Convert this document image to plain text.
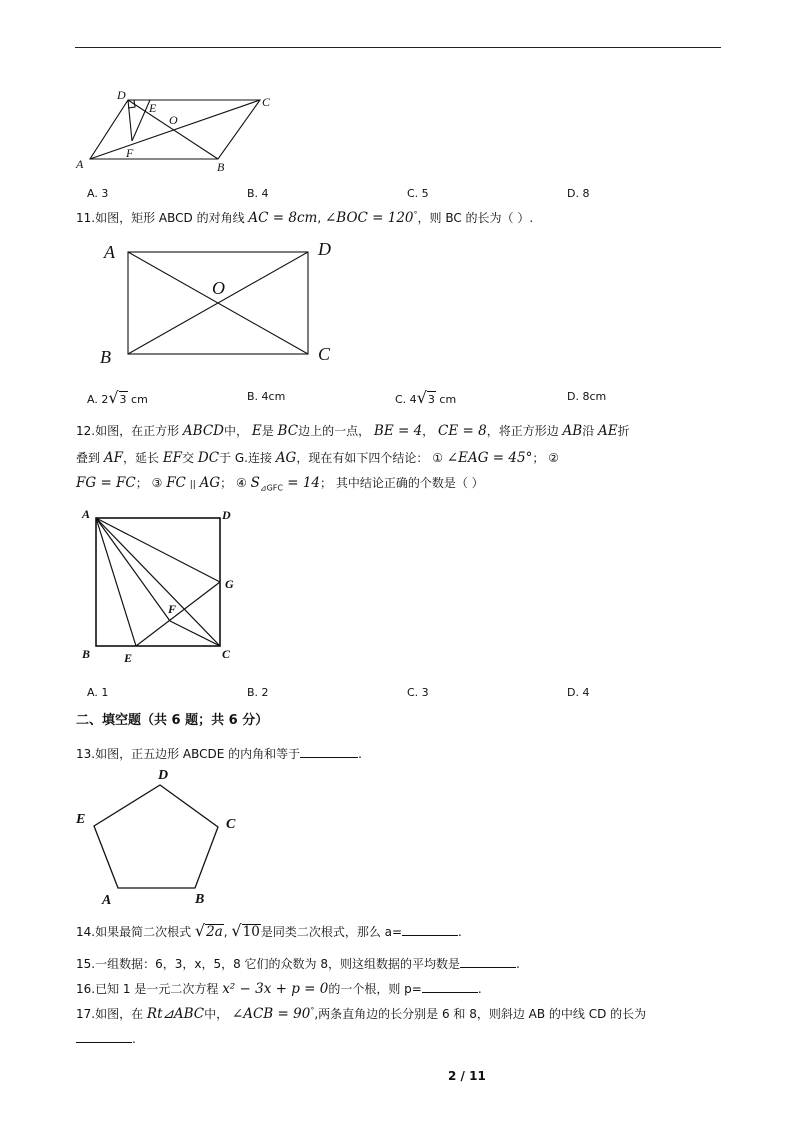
D
E	C
O
F
A	B
A. 3	B. 4	C. 5	D. 8
11.如图，矩形 ABCD 的对角线 AC = 8cm, ∠BOC = 120°，则 BC 的长为（ ）.
A	D
O
B	C
A. 2√3 cm	B. 4cm	C. 4√3 cm	D. 8cm
12.如图，在正方形 ABCD中， E是 BC边上的一点， BE = 4， CE = 8，将正方形边 AB沿 AE折
叠到 AF，延长 EF交 DC于 G.连接 AG，现在有如下四个结论： ① ∠EAG = 45°； ②
FG = FC； ③ FC || AG； ④ $S_{⊿GFC} = 14$； 其中结论正确的个数是（ ）
A	D
G
F
B	E	C
A. 1	B. 2	C. 3	D. 4
二、填空题（共 6 题；共 6 分）
13.如图，正五边形 ABCDE 的内角和等于	.
D
E	C
A	B
14.如果最简二次根式 √2a, √10是同类二次根式，那么 a=	.
15.一组数据：6，3，x，5，8 它们的众数为 8，则这组数据的平均数是	.
16.已知 1 是一元二次方程 x² − 3x + p = 0的一个根，则 p=	.
17.如图，在 Rt⊿ABC中， ∠ACB = 90°,两条直角边的长分别是 6 和 8，则斜边 AB 的中线 CD 的长为
.
2 / 11
